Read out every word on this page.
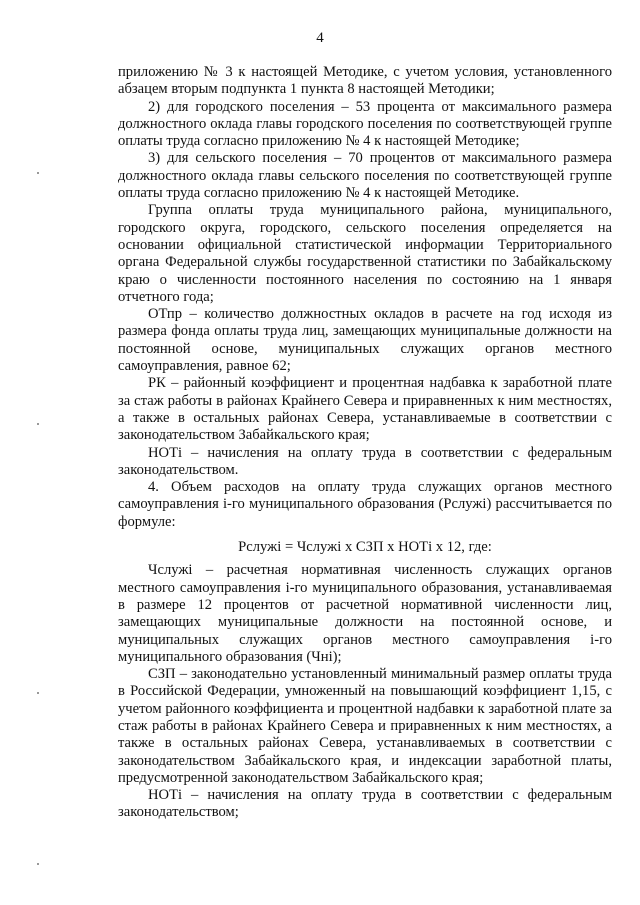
4

приложению № 3 к настоящей Методике, с учетом условия, установленного абзацем вторым подпункта 1 пункта 8 настоящей Методики;

2) для городского поселения – 53 процента от максимального размера должностного оклада главы городского поселения по соответствующей группе оплаты труда согласно приложению № 4 к настоящей Методике;

3) для сельского поселения – 70 процентов от максимального размера должностного оклада главы сельского поселения по соответствующей группе оплаты труда согласно приложению № 4 к настоящей Методике.

Группа оплаты труда муниципального района, муниципального, городского округа, городского, сельского поселения определяется на основании официальной статистической информации Территориального органа Федеральной службы государственной статистики по Забайкальскому краю о численности постоянного населения по состоянию на 1 января отчетного года;

ОТпр – количество должностных окладов в расчете на год исходя из размера фонда оплаты труда лиц, замещающих муниципальные должности на постоянной основе, муниципальных служащих органов местного самоуправления, равное 62;

РК – районный коэффициент и процентная надбавка к заработной плате за стаж работы в районах Крайнего Севера и приравненных к ним местностях, а также в остальных районах Севера, устанавливаемые в соответствии с законодательством Забайкальского края;

НОТi – начисления на оплату труда в соответствии с федеральным законодательством.

4. Объем расходов на оплату труда служащих органов местного самоуправления i-го муниципального образования (Рслужi) рассчитывается по формуле:

Рслужi = Чслужi х СЗП х НОТi х 12, где:

Чслужi – расчетная нормативная численность служащих органов местного самоуправления i-го муниципального образования, устанавливаемая в размере 12 процентов от расчетной нормативной численности лиц, замещающих муниципальные должности на постоянной основе, и муниципальных служащих органов местного самоуправления i-го муниципального образования (Чнi);

СЗП – законодательно установленный минимальный размер оплаты труда в Российской Федерации, умноженный на повышающий коэффициент 1,15, с учетом районного коэффициента и процентной надбавки к заработной плате за стаж работы в районах Крайнего Севера и приравненных к ним местностях, а также в остальных районах Севера, устанавливаемых в соответствии с законодательством Забайкальского края, и индексации заработной платы, предусмотренной законодательством Забайкальского края;

НОТi – начисления на оплату труда в соответствии с федеральным законодательством;
